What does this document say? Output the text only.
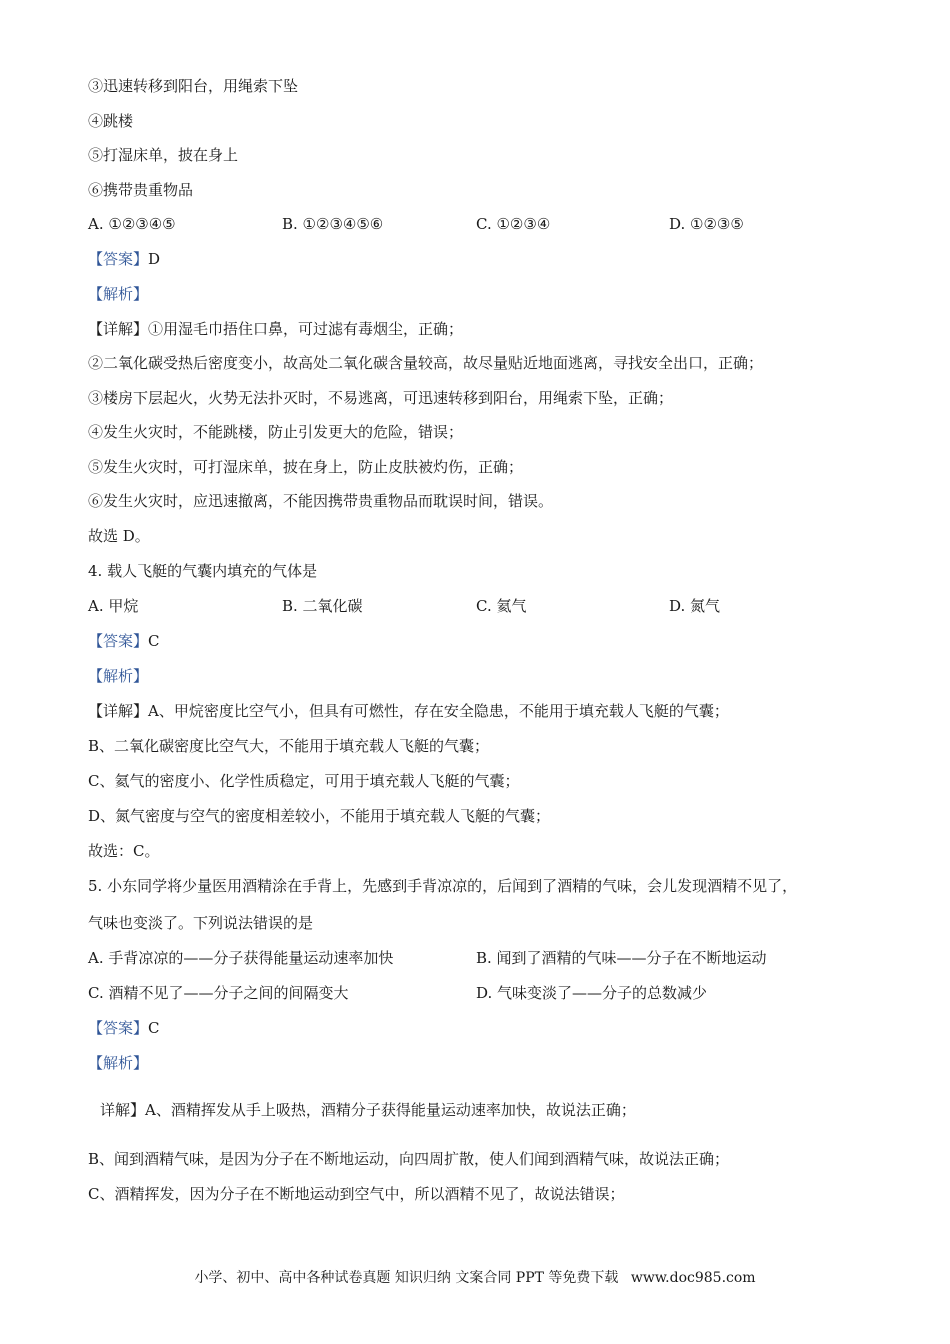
③迅速转移到阳台，用绳索下坠
④跳楼
⑤打湿床单，披在身上
⑥携带贵重物品
A. ①②③④⑤	B. ①②③④⑤⑥	C. ①②③④	D. ①②③⑤
【答案】D
【解析】
【详解】①用湿毛巾捂住口鼻，可过滤有毒烟尘，正确；
②二氧化碳受热后密度变小，故高处二氧化碳含量较高，故尽量贴近地面逃离，寻找安全出口，正确；
③楼房下层起火，火势无法扑灭时，不易逃离，可迅速转移到阳台，用绳索下坠，正确；
④发生火灾时，不能跳楼，防止引发更大的危险，错误；
⑤发生火灾时，可打湿床单，披在身上，防止皮肤被灼伤，正确；
⑥发生火灾时，应迅速撤离，不能因携带贵重物品而耽误时间，错误。
故选 D。
4. 载人飞艇的气囊内填充的气体是
A. 甲烷	B. 二氧化碳	C. 氦气	D. 氮气
【答案】C
【解析】
【详解】A、甲烷密度比空气小，但具有可燃性，存在安全隐患，不能用于填充载人飞艇的气囊；
B、二氧化碳密度比空气大，不能用于填充载人飞艇的气囊；
C、氦气的密度小、化学性质稳定，可用于填充载人飞艇的气囊；
D、氮气密度与空气的密度相差较小，不能用于填充载人飞艇的气囊；
故选：C。
5. 小东同学将少量医用酒精涂在手背上，先感到手背凉凉的，后闻到了酒精的气味，会儿发现酒精不见了，
气味也变淡了。下列说法错误的是
A. 手背凉凉的——分子获得能量运动速率加快	B. 闻到了酒精的气味——分子在不断地运动
C. 酒精不见了——分子之间的间隔变大	D. 气味变淡了——分子的总数减少
【答案】C
【解析】
详解】A、酒精挥发从手上吸热，酒精分子获得能量运动速率加快，故说法正确；
B、闻到酒精气味，是因为分子在不断地运动，向四周扩散，使人们闻到酒精气味，故说法正确；
C、酒精挥发，因为分子在不断地运动到空气中，所以酒精不见了，故说法错误；
小学、初中、高中各种试卷真题 知识归纳 文案合同 PPT 等免费下载 www.doc985.com
